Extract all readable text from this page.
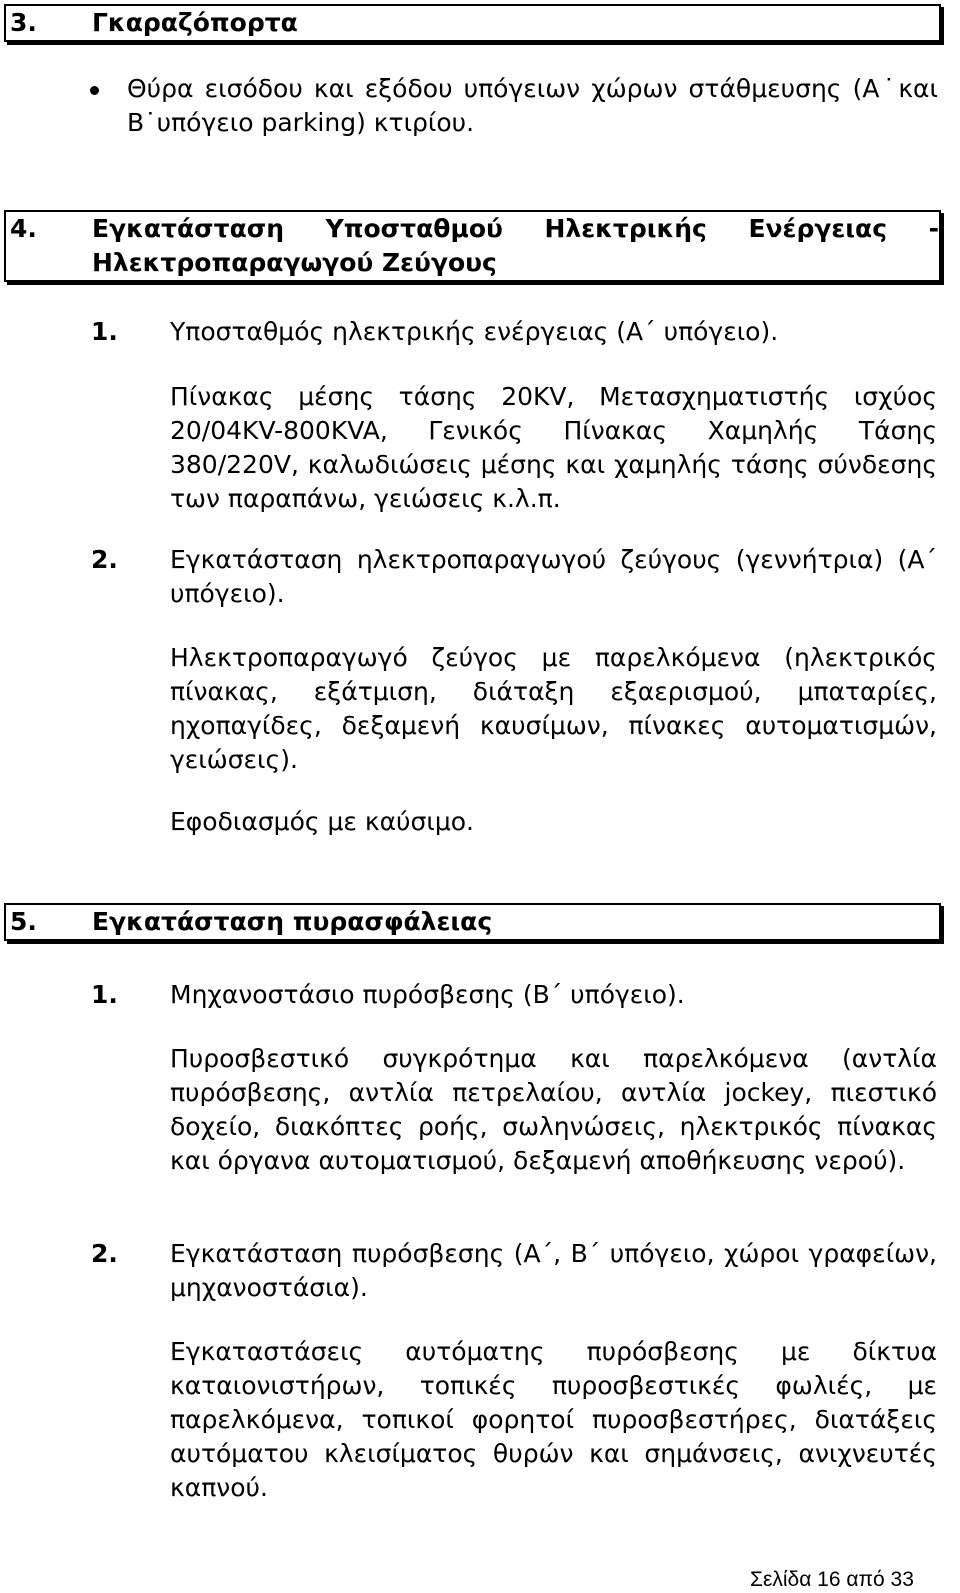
3. Γκαραζόπορτα
Θύρα εισόδου και εξόδου υπόγειων χώρων στάθμευσης (Α˙και Β˙υπόγειο parking) κτιρίου.
4. Εγκατάσταση Υποσταθμού Ηλεκτρικής Ενέργειας - Ηλεκτροπαραγωγού Ζεύγους
1. Υποσταθμός ηλεκτρικής ενέργειας (Α΄ υπόγειο).
Πίνακας μέσης τάσης 20KV, Μετασχηματιστής ισχύος 20/04KV-800KVA, Γενικός Πίνακας Χαμηλής Τάσης 380/220V, καλωδιώσεις μέσης και χαμηλής τάσης σύνδεσης των παραπάνω, γειώσεις κ.λ.π.
2. Εγκατάσταση ηλεκτροπαραγωγού ζεύγους (γεννήτρια) (Α΄ υπόγειο).
Ηλεκτροπαραγωγό ζεύγος με παρελκόμενα (ηλεκτρικός πίνακας, εξάτμιση, διάταξη εξαερισμού, μπαταρίες, ηχοπαγίδες, δεξαμενή καυσίμων, πίνακες αυτοματισμών, γειώσεις).
Εφοδιασμός με καύσιμο.
5. Εγκατάσταση πυρασφάλειας
1. Μηχανοστάσιο πυρόσβεσης (Β΄ υπόγειο).
Πυροσβεστικό συγκρότημα και παρελκόμενα (αντλία πυρόσβεσης, αντλία πετρελαίου, αντλία jockey, πιεστικό δοχείο, διακόπτες ροής, σωληνώσεις, ηλεκτρικός πίνακας και όργανα αυτοματισμού, δεξαμενή αποθήκευσης νερού).
2. Εγκατάσταση πυρόσβεσης (Α΄, Β΄ υπόγειο, χώροι γραφείων, μηχανοστάσια).
Εγκαταστάσεις αυτόματης πυρόσβεσης με δίκτυα καταιονιστήρων, τοπικές πυροσβεστικές φωλιές, με παρελκόμενα, τοπικοί φορητοί πυροσβεστήρες, διατάξεις αυτόματου κλεισίματος θυρών και σημάνσεις, ανιχνευτές καπνού.
Σελίδα 16 από 33
